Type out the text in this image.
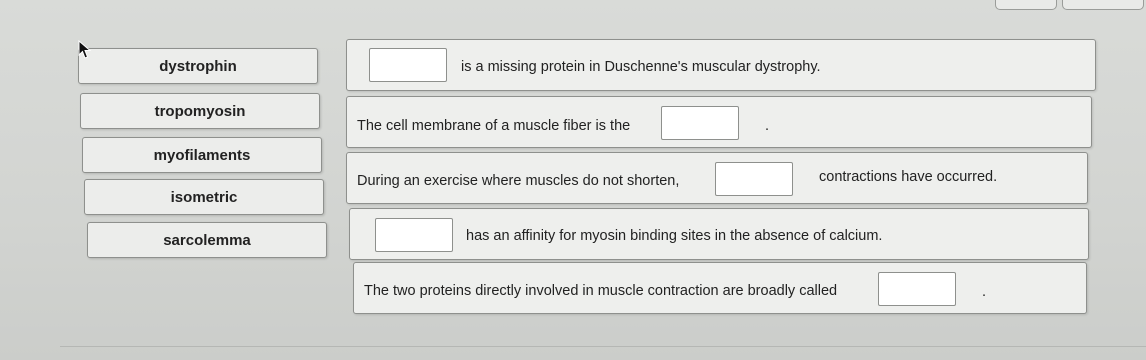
dystrophin
tropomyosin
myofilaments
isometric
sarcolemma
is a missing protein in Duschenne's muscular dystrophy.
The cell membrane of a muscle fiber is the	.
During an exercise where muscles do not shorten,	contractions have occurred.
has an affinity for myosin binding sites in the absence of calcium.
The two proteins directly involved in muscle contraction are broadly called	.
